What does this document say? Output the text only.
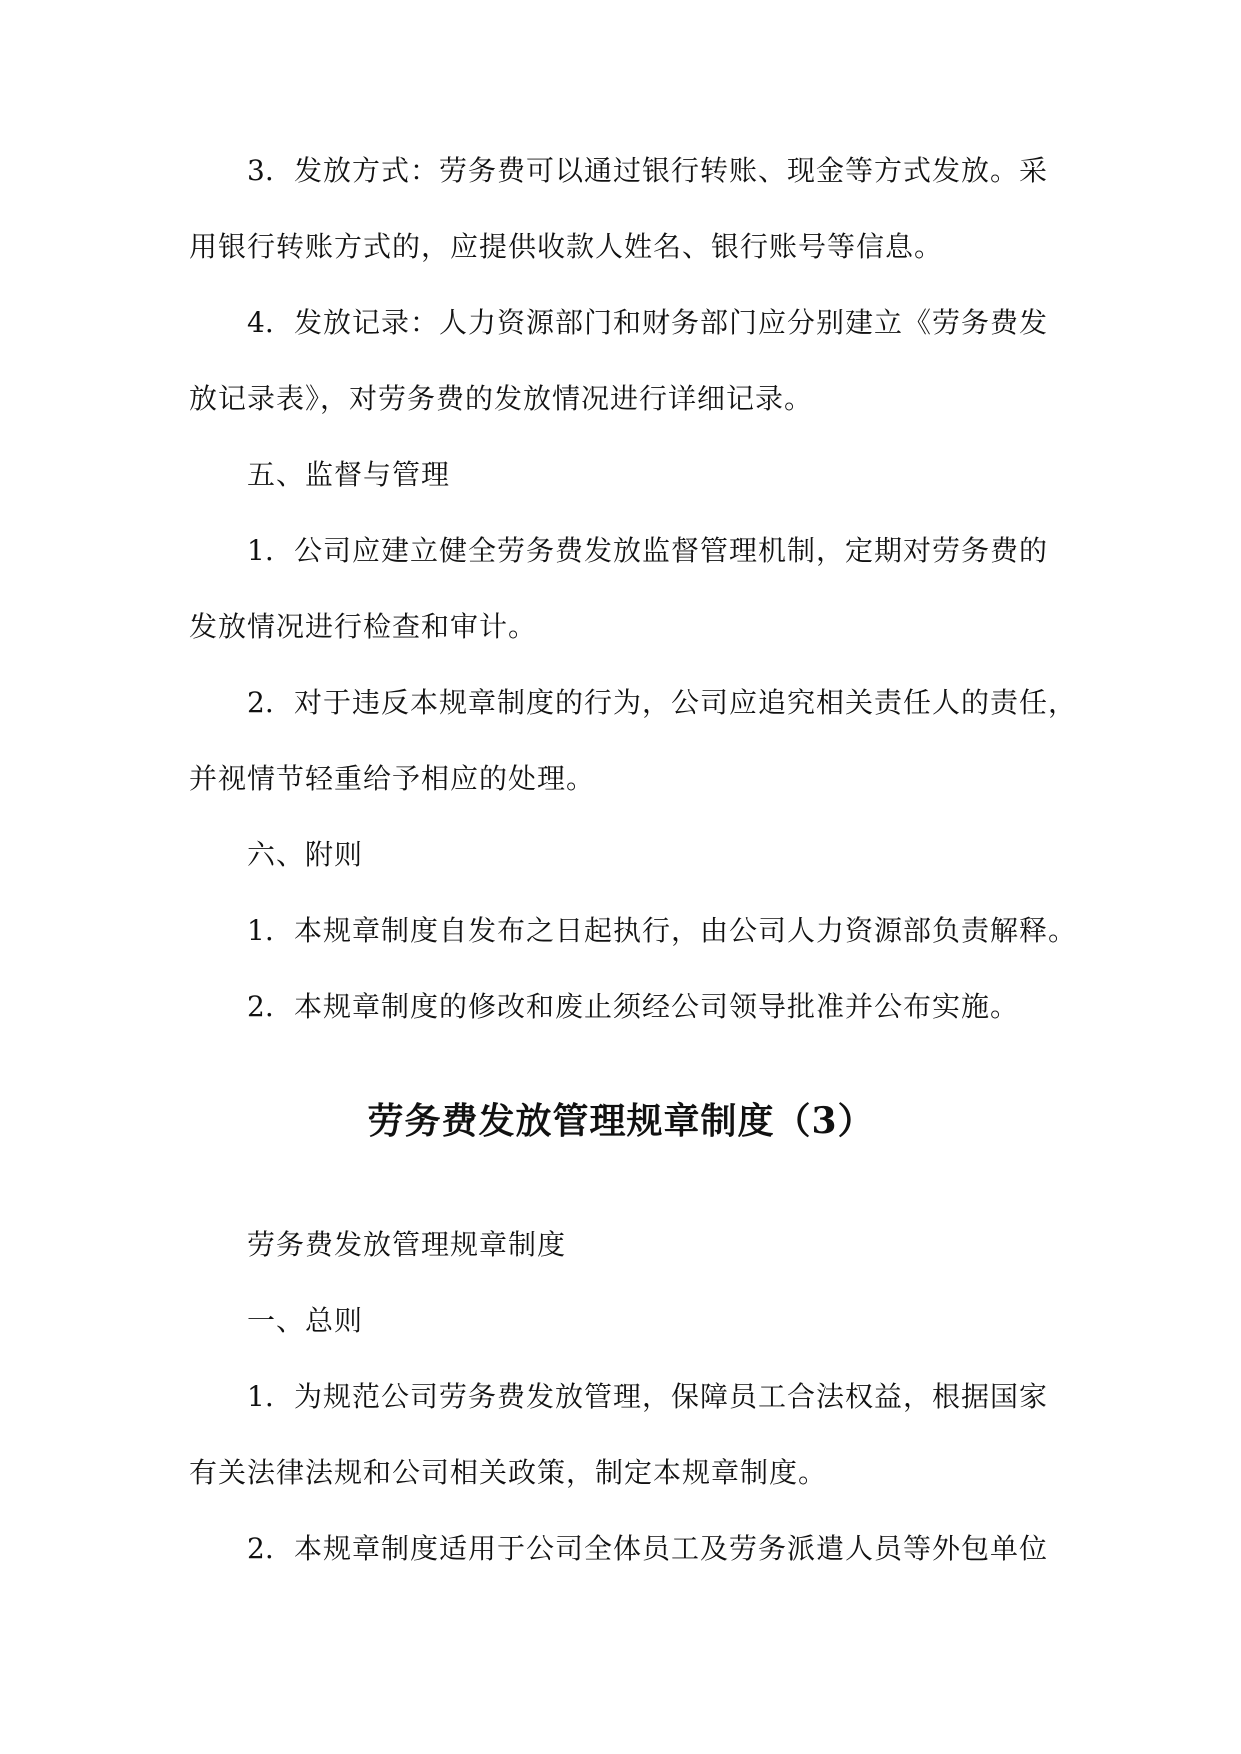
3. 发放方式：劳务费可以通过银行转账、现金等方式发放。采
用银行转账方式的，应提供收款人姓名、银行账号等信息。
4. 发放记录：人力资源部门和财务部门应分别建立《劳务费发
放记录表》，对劳务费的发放情况进行详细记录。
五、监督与管理
1. 公司应建立健全劳务费发放监督管理机制，定期对劳务费的
发放情况进行检查和审计。
2. 对于违反本规章制度的行为，公司应追究相关责任人的责任，
并视情节轻重给予相应的处理。
六、附则
1. 本规章制度自发布之日起执行，由公司人力资源部负责解释。
2. 本规章制度的修改和废止须经公司领导批准并公布实施。
劳务费发放管理规章制度（3）
劳务费发放管理规章制度
一、总则
1. 为规范公司劳务费发放管理，保障员工合法权益，根据国家
有关法律法规和公司相关政策，制定本规章制度。
2. 本规章制度适用于公司全体员工及劳务派遣人员等外包单位
